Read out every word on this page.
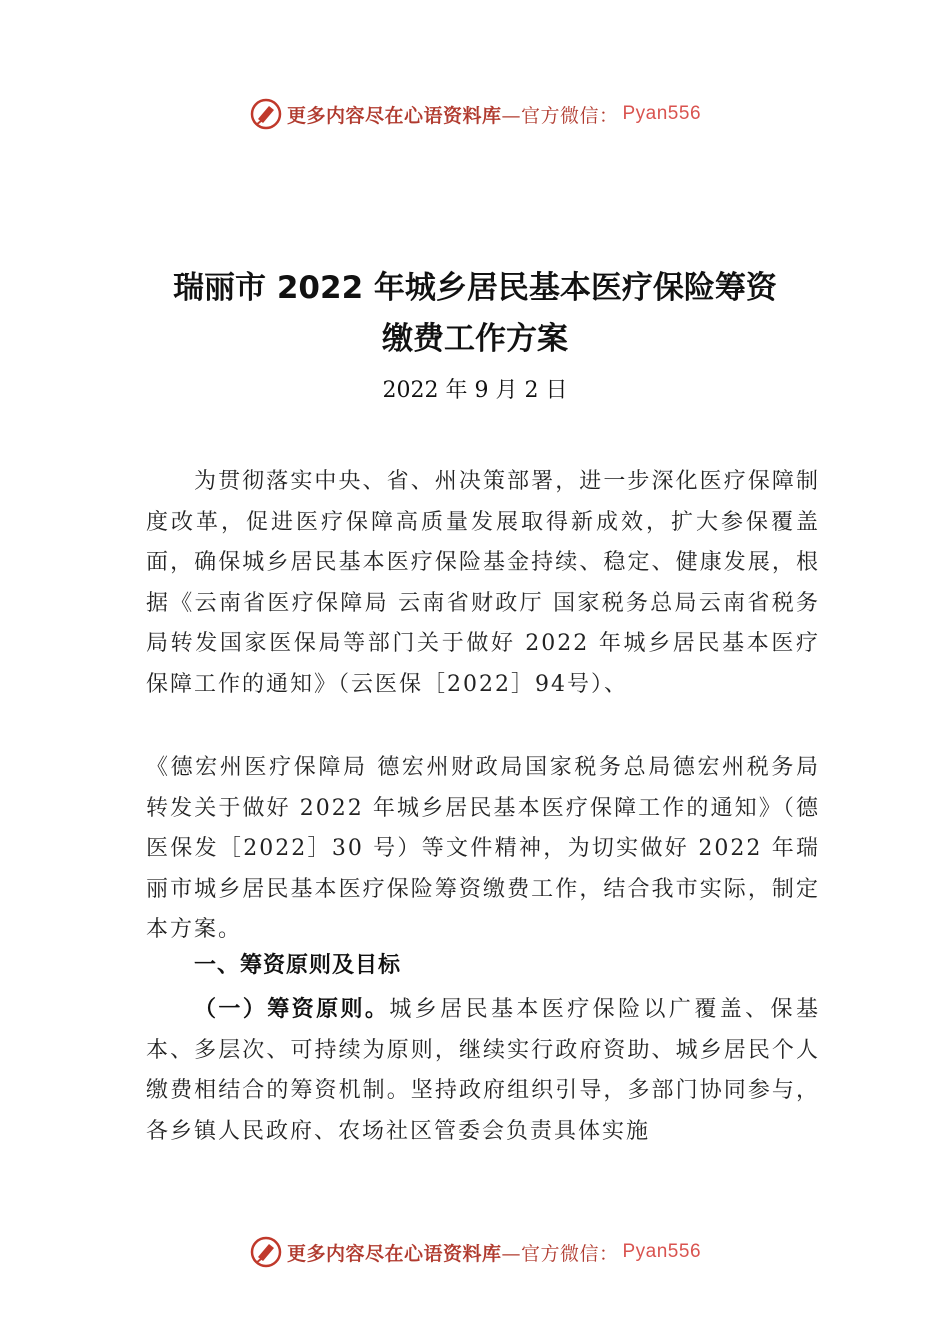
更多内容尽在心语资料库 —官方微信： Pyan556
瑞丽市 2022 年城乡居民基本医疗保险筹资
缴费工作方案
2022 年 9 月 2 日

为贯彻落实中央、省、州决策部署，进一步深化医疗保障制度改革，促进医疗保障高质量发展取得新成效，扩大参保覆盖面，确保城乡居民基本医疗保险基金持续、稳定、健康发展，根据《云南省医疗保障局 云南省财政厅 国家税务总局云南省税务局转发国家医保局等部门关于做好 2022 年城乡居民基本医疗保障工作的通知》（云医保［2022］94号）、

《德宏州医疗保障局 德宏州财政局国家税务总局德宏州税务局转发关于做好 2022 年城乡居民基本医疗保障工作的通知》（德医保发［2022］30 号）等文件精神，为切实做好 2022 年瑞丽市城乡居民基本医疗保险筹资缴费工作，结合我市实际，制定本方案。

一、筹资原则及目标

（一）筹资原则。城乡居民基本医疗保险以广覆盖、保基本、多层次、可持续为原则，继续实行政府资助、城乡居民个人缴费相结合的筹资机制。坚持政府组织引导，多部门协同参与，各乡镇人民政府、农场社区管委会负责具体实施

更多内容尽在心语资料库 —官方微信： Pyan556
